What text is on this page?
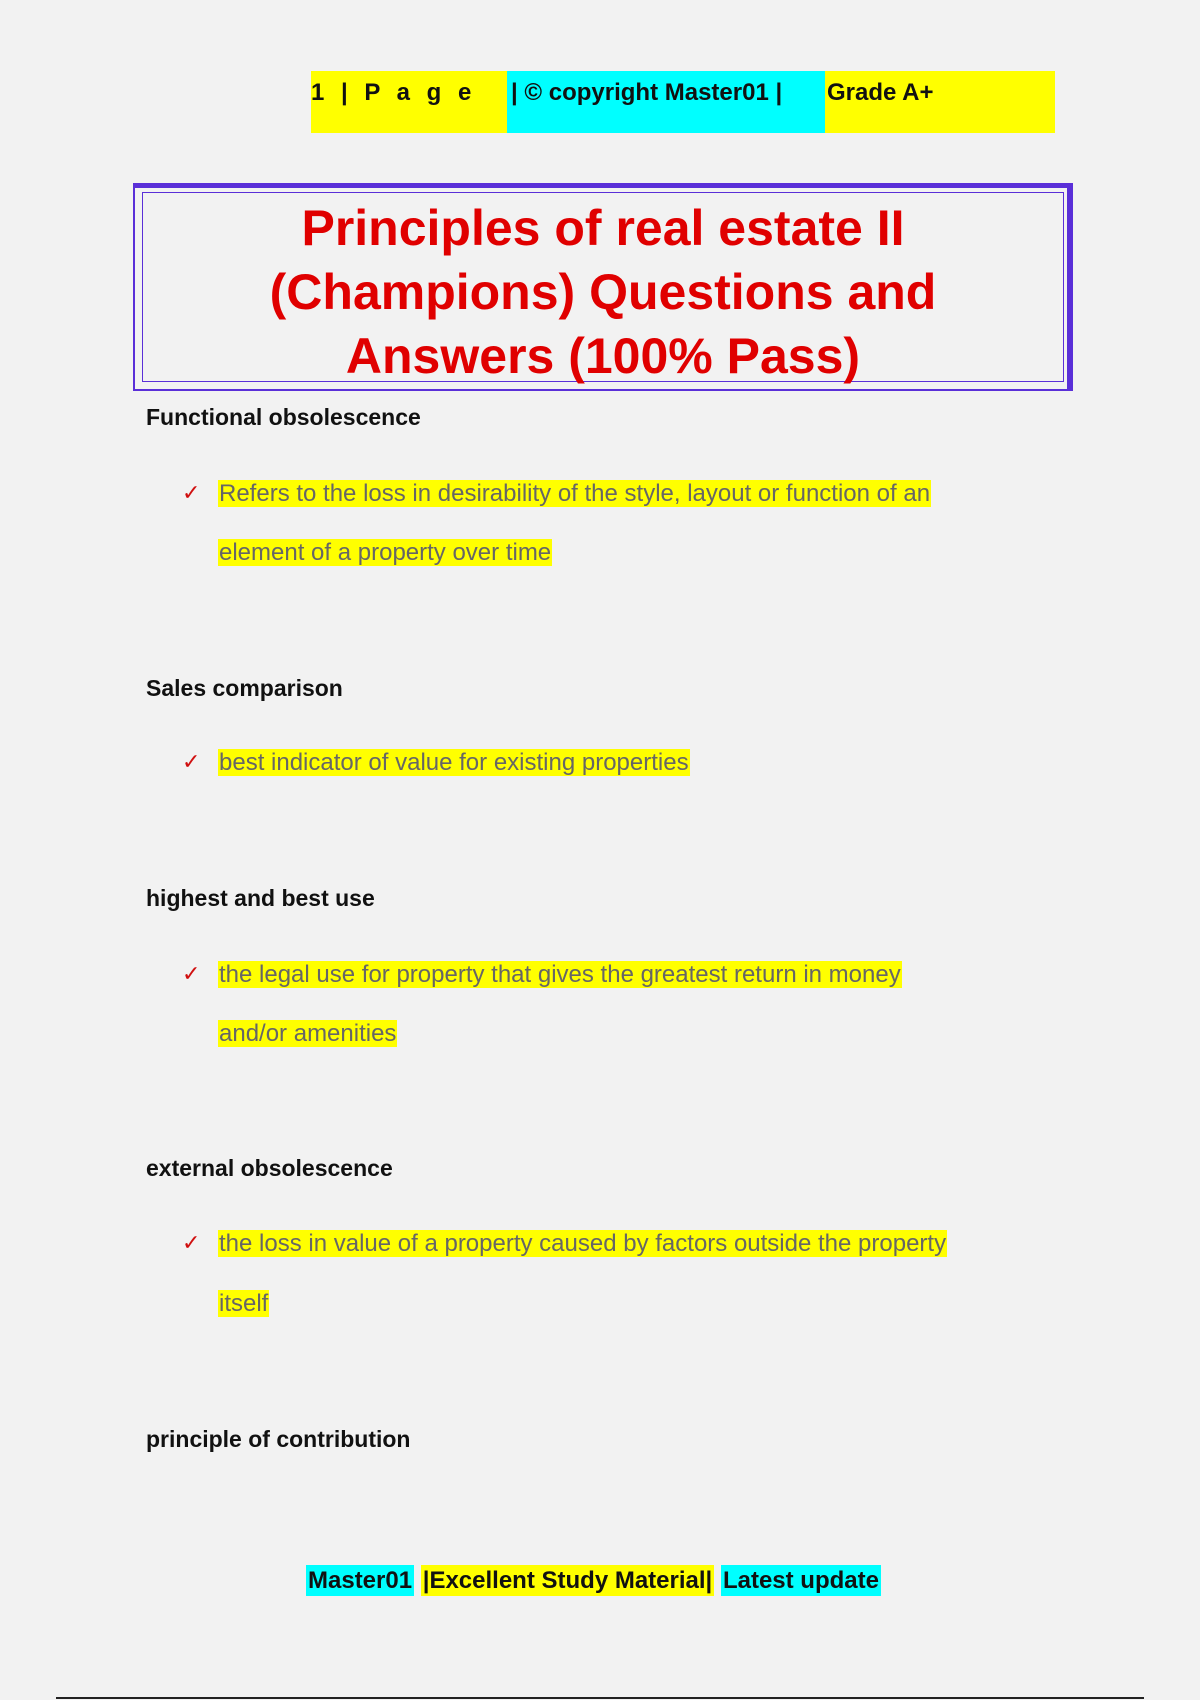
1 | P a g e	| © copyright Master01 |	Grade A+
Principles of real estate II
(Champions) Questions and
Answers (100% Pass)

Functional obsolescence

✓ Refers to the loss in desirability of the style, layout or function of an
element of a property over time

Sales comparison

✓ best indicator of value for existing properties

highest and best use

✓ the legal use for property that gives the greatest return in money
and/or amenities

external obsolescence

✓ the loss in value of a property caused by factors outside the property
itself

principle of contribution

Master01 |Excellent Study Material| Latest update
